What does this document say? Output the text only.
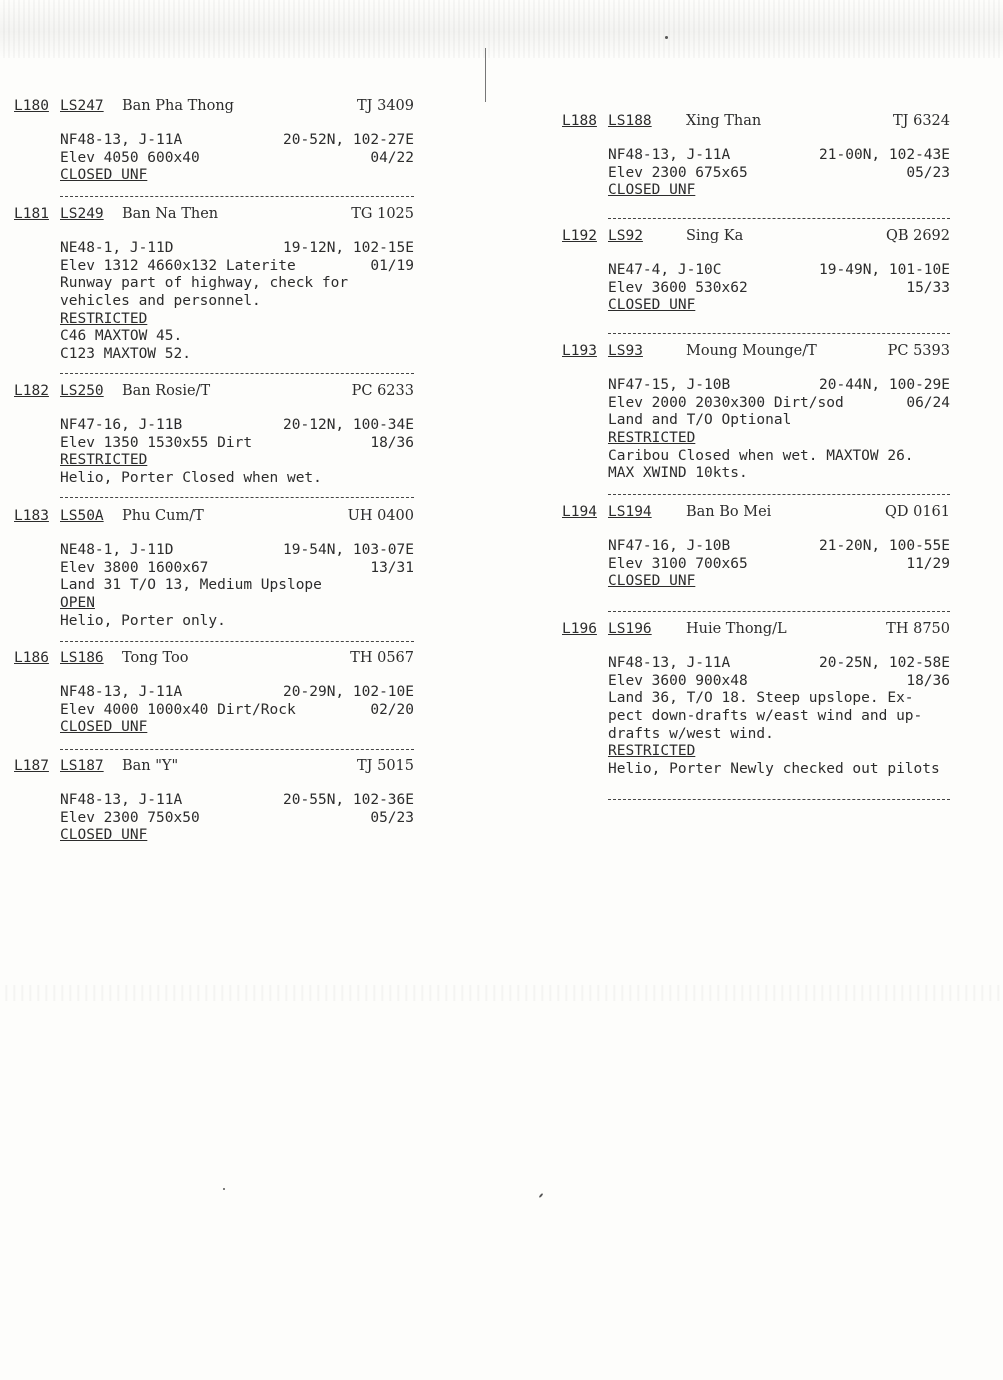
L180 LS247 Ban Pha Thong	TJ 3409
NF48-13, J-11A	20-52N, 102-27E
Elev 4050 600x40	04/22
CLOSED UNF
L181 LS249 Ban Na Then	TG 1025
NE48-1, J-11D	19-12N, 102-15E
Elev 1312 4660x132 Laterite	01/19
Runway part of highway, check for
vehicles and personnel.
RESTRICTED
C46 MAXTOW 45.
C123 MAXTOW 52.
L182 LS250 Ban Rosie/T	PC 6233
NF47-16, J-11B	20-12N, 100-34E
Elev 1350 1530x55 Dirt	18/36
RESTRICTED
Helio, Porter Closed when wet.
L183 LS50A Phu Cum/T	UH 0400
NE48-1, J-11D	19-54N, 103-07E
Elev 3800 1600x67	13/31
Land 31 T/O 13, Medium Upslope
OPEN
Helio, Porter only.
L186 LS186 Tong Too	TH 0567
NF48-13, J-11A	20-29N, 102-10E
Elev 4000 1000x40 Dirt/Rock	02/20
CLOSED UNF
L187 LS187 Ban "Y"	TJ 5015
NF48-13, J-11A	20-55N, 102-36E
Elev 2300 750x50	05/23
CLOSED UNF
L188 LS188 Xing Than	TJ 6324
NF48-13, J-11A	21-00N, 102-43E
Elev 2300 675x65	05/23
CLOSED UNF
L192 LS92	Sing Ka	QB 2692
NE47-4, J-10C	19-49N, 101-10E
Elev 3600 530x62	15/33
CLOSED UNF
L193 LS93	Moung Mounge/T	PC 5393
NF47-15, J-10B	20-44N, 100-29E
Elev 2000 2030x300 Dirt/sod	06/24
Land and T/O Optional
RESTRICTED
Caribou Closed when wet. MAXTOW 26.
MAX XWIND 10kts.
L194 LS194 Ban Bo Mei	QD 0161
NF47-16, J-10B	21-20N, 100-55E
Elev 3100 700x65	11/29
CLOSED UNF
L196 LS196 Huie Thong/L	TH 8750
NF48-13, J-11A	20-25N, 102-58E
Elev 3600 900x48	18/36
Land 36, T/O 18. Steep upslope. Ex-
pect down-drafts w/east wind and up-
drafts w/west wind.
RESTRICTED
Helio, Porter Newly checked out pilots
